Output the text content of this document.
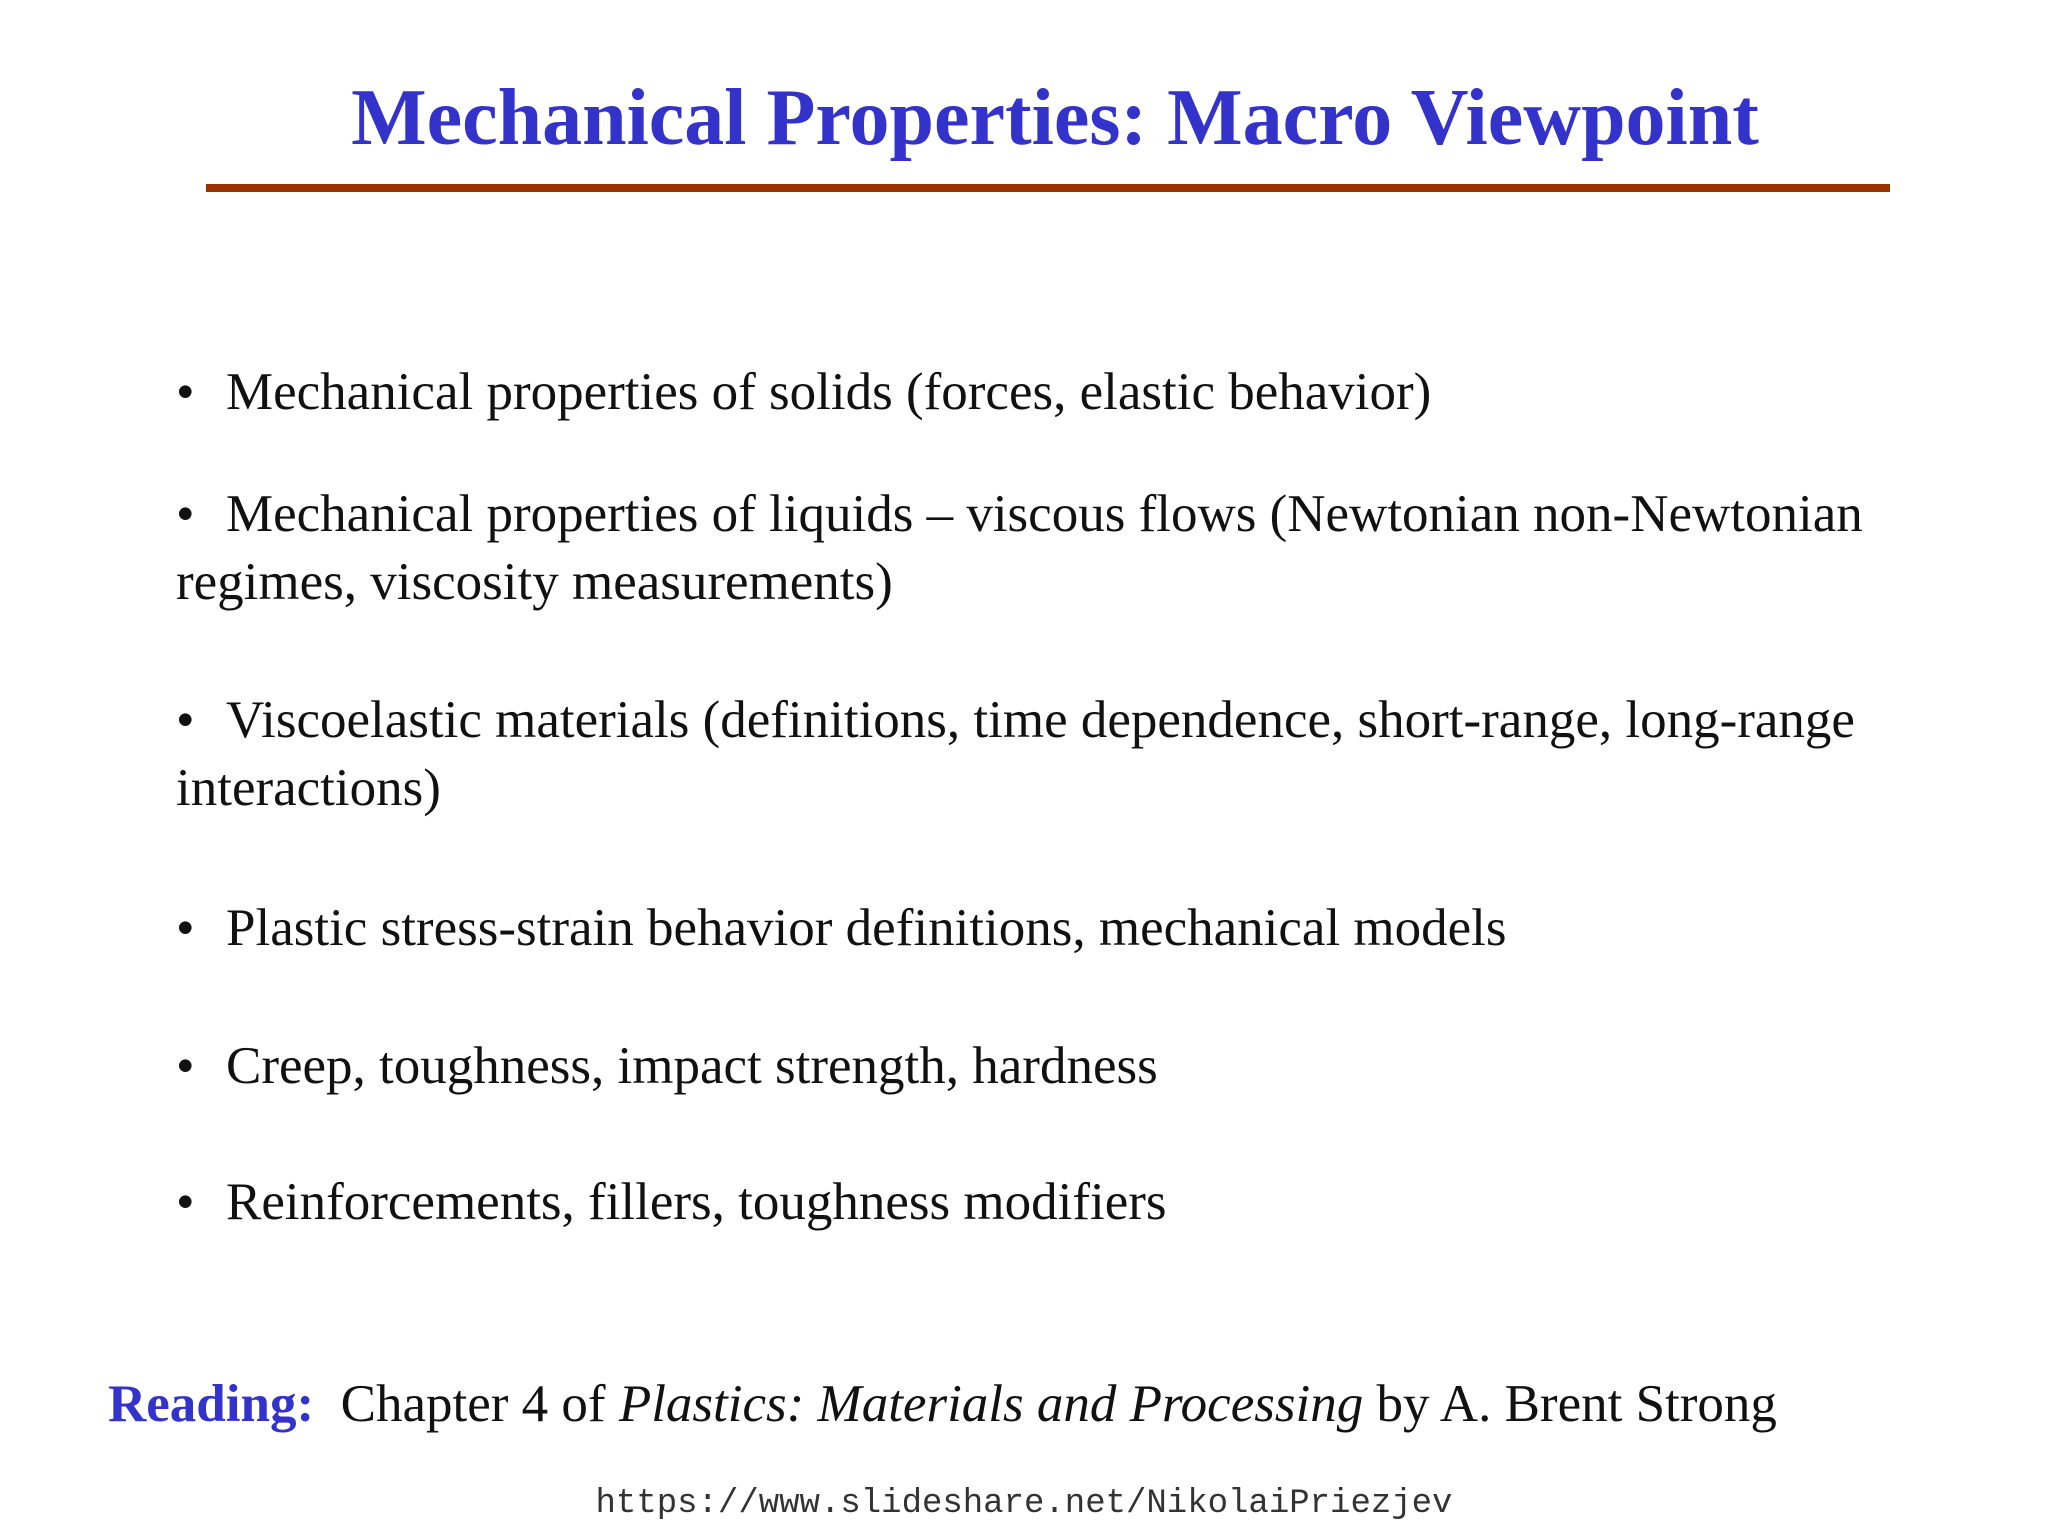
Mechanical Properties: Macro Viewpoint
• Mechanical properties of solids (forces, elastic behavior)
• Mechanical properties of liquids – viscous flows (Newtonian non-Newtonian regimes, viscosity measurements)
• Viscoelastic materials (definitions, time dependence, short-range, long-range interactions)
• Plastic stress-strain behavior definitions, mechanical models
• Creep, toughness, impact strength, hardness
• Reinforcements, fillers, toughness modifiers
Reading: Chapter 4 of Plastics: Materials and Processing by A. Brent Strong
https://www.slideshare.net/NikolaiPriezjev
